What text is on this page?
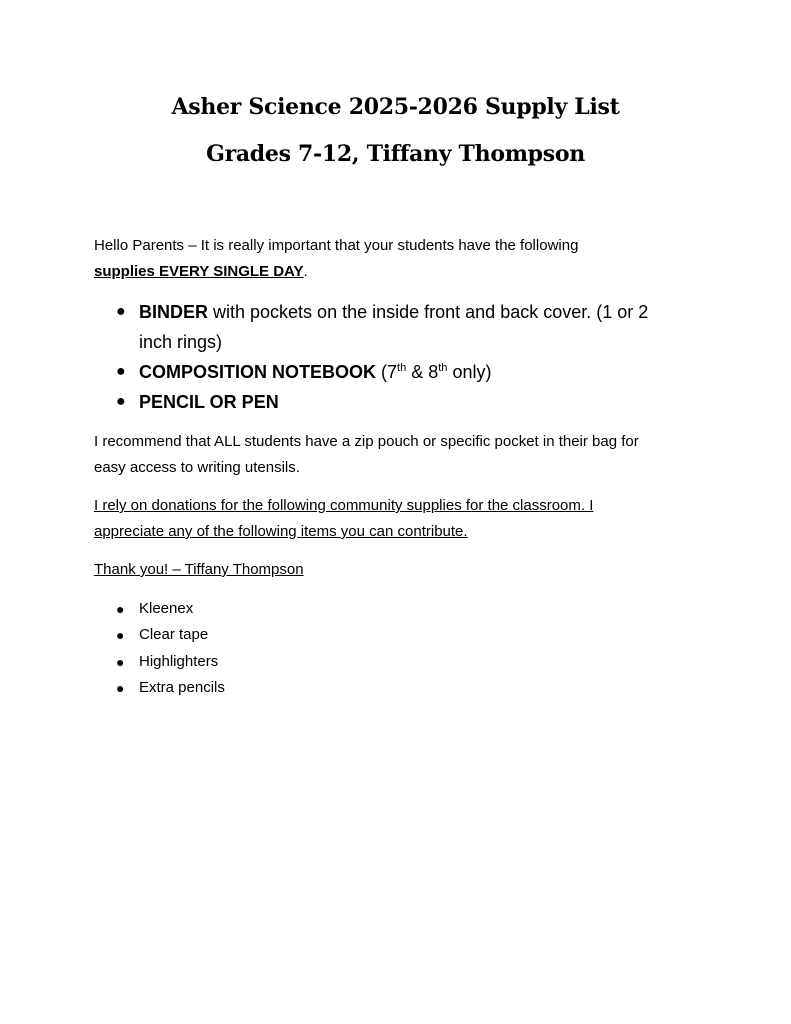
Asher Science 2025-2026 Supply List
Grades 7-12, Tiffany Thompson
Hello Parents – It is really important that your students have the following
supplies EVERY SINGLE DAY.
● BINDER with pockets on the inside front and back cover. (1 or 2
inch rings)
● COMPOSITION NOTEBOOK (7th & 8th only)
● PENCIL OR PEN
I recommend that ALL students have a zip pouch or specific pocket in their bag for
easy access to writing utensils.
I rely on donations for the following community supplies for the classroom. I
appreciate any of the following items you can contribute.
Thank you! – Tiffany Thompson
● Kleenex
● Clear tape
● Highlighters
● Extra pencils
